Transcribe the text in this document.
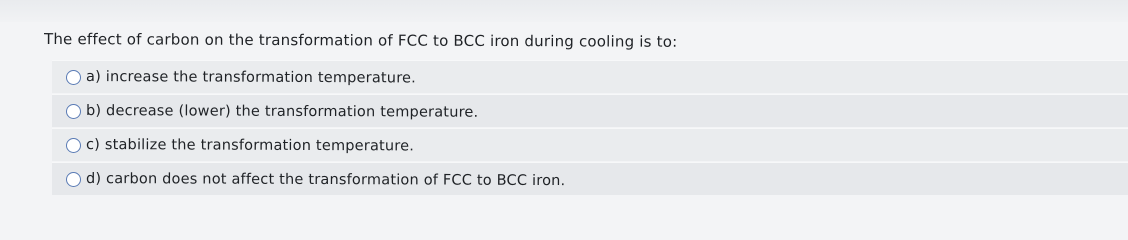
The effect of carbon on the transformation of FCC to BCC iron during cooling is to:
a) increase the transformation temperature.
b) decrease (lower) the transformation temperature.
c) stabilize the transformation temperature.
d) carbon does not affect the transformation of FCC to BCC iron.
